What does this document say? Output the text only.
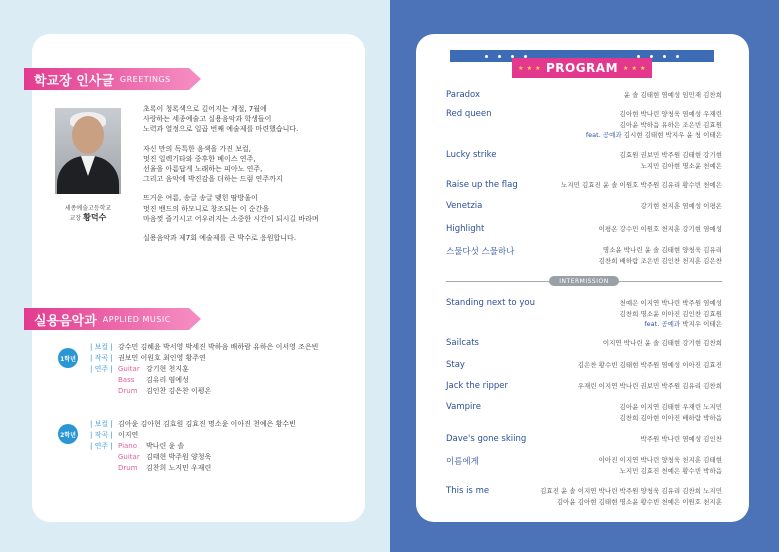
학교장 인사글 GREETINGS
세종예술고등학교
교장 황덕수

초록이 청록색으로 깊어지는 계절, 7월에
사랑하는 세종예술고 실용음악과 학생들이
노력과 열정으로 일곱 번째 예술제를 마련했습니다.

자신 만의 독특한 음색을 가진 보컬,
멋진 일렉기타와 중후한 베이스 연주,
선율을 아름답게 노래하는 피아노 연주,
그리고 음악에 박진감을 더하는 드럼 연주까지

뜨거운 여름, 송글 송글 맺힌 땀방울이
멋진 밴드의 하모니로 창조되는 이 순간을
마음껏 즐기시고 어우러지는 소중한 시간이 되시길 바라며

실용음악과 제7회 예술제를 큰 박수로 응원합니다.

실용음악과 APPLIED MUSIC
1학년
| 보컬 | 강수민 김혜윤 박서영 박세진 박하음 배하람 유하은 이서영 조은빈
| 작곡 | 권보민 이원호 최인영 황주연
| 연주 | Guitar 강기현 천지훈
Bass	김유리 염예성
Drum	김인찬 김은찬 이평온
2학년
| 보컬 | 김아윤 김아현 김효원 김효진 명소윤 이아진 천예은 황수빈
| 작곡 | 이지연
| 연주 | Piano	박나린 윤 솔
Guitar 김태현 박주원 양청욱
Drum	김찬희 노지민 우재린
★ ★ ★ PROGRAM ★ ★ ★
Paradox	윤 솔 김태현 염예성 임민재 김찬희
Red queen	김아현 박나린 양청욱 염예성 우재린
김아윤 박하음 유하은 조은빈 김효원
feat. 공예과 김시현 김태현 박지우 윤 청 이태은
Lucky strike	김효원 권보민 박주원 김태현 강기현
노지민 김아현 명소윤 천예은
Raise up the flag	노지민 김효진 윤 솔 이원호 박주원 김유리 황수빈 천예은
Venetzia	강기현 천지훈 염예성 이평온
Highlight	이평온 강수민 이원호 천지훈 강기현 염예성
스물다섯 스물하나	명소윤 박나린 윤 솔 김태현 양청욱 김유리
김찬희 배하람 조은빈 김인찬 천지훈 김은찬
INTERMISSION
Standing next to you	천예은 이지연 박나린 박주원 염예성
김찬희 명소윤 이아진 김인찬 김효원
feat. 공예과 박지우 이태은
Sailcats	이지연 박나린 윤 솔 김태현 강기현 김찬희
Stay	김은찬 황수빈 김태현 박주원 염예성 이아진 김효진
Jack the ripper	우재린 이지연 박나린 권보민 박주원 김유리 김찬희
Vampire	김아윤 이지연 김태현 우재린 노지민
김찬희 김아현 이아진 배하람 박하음
Dave's gone skiing	박주원 박나린 염예성 김인찬
이름에게	이아진 이지연 박나린 양청욱 천지훈 김태현
노지민 김효진 천예은 황수빈 박하음
This is me	김효진 윤 솔 이지연 박나린 박주원 양청욱 김유리 김찬희 노지민
김아윤 김아현 김태현 명소윤 황수빈 천예은 이원호 천지훈
